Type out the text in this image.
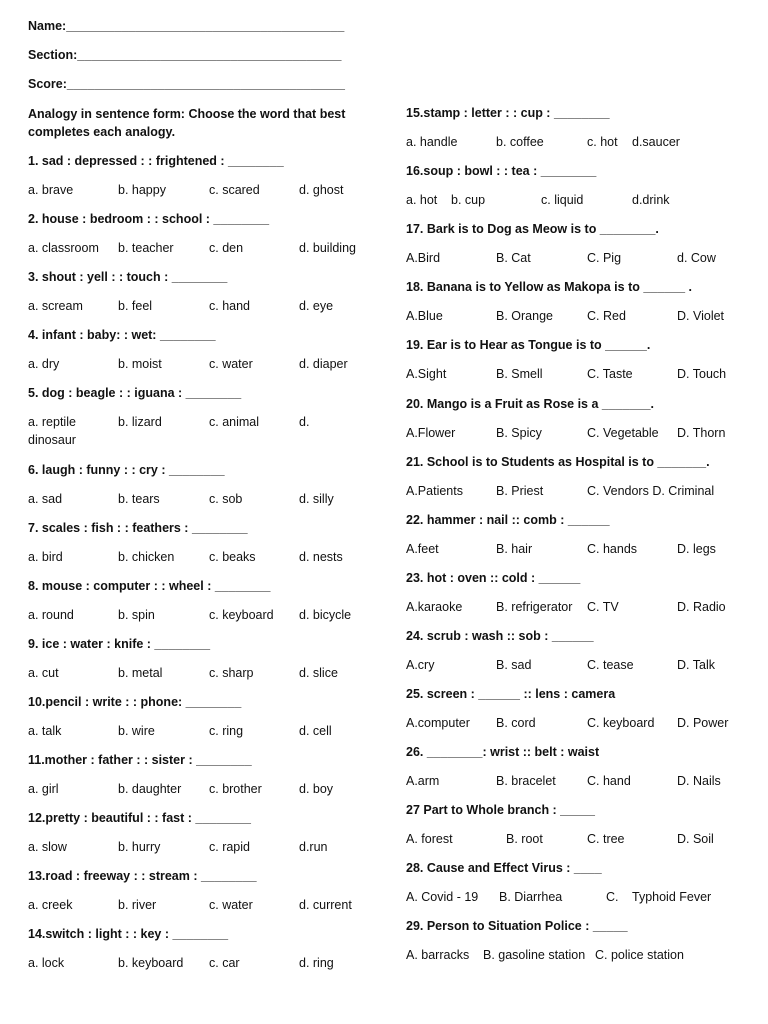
Name:________________________________________
Section:______________________________________
Score:________________________________________
Analogy in sentence form: Choose the word that best
completes each analogy.
1. sad : depressed : : frightened : ________
a. brave	b. happy	c. scared	d. ghost
2. house : bedroom : : school : ________
a. classroom b. teacher	c. den	d. building
3. shout : yell : : touch : ________
a. scream	b. feel	c. hand	d. eye
4. infant : baby: : wet: ________
a. dry	b. moist	c. water	d. diaper
5. dog : beagle : : iguana : ________
a. reptile	b. lizard	c. animal	d.
dinosaur
6. laugh : funny : : cry : ________
a. sad	b. tears	c. sob	d. silly
7. scales : fish : : feathers : ________
a. bird	b. chicken	c. beaks	d. nests
8. mouse : computer : : wheel : ________
a. round	b. spin	c. keyboard d. bicycle
9. ice : water : knife : ________
a. cut	b. metal	c. sharp	d. slice
10.pencil : write : : phone: ________
a. talk	b. wire	c. ring	d. cell
11.mother : father : : sister : ________
a. girl	b. daughter c. brother	d. boy
12.pretty : beautiful : : fast : ________
a. slow	b. hurry	c. rapid	d.run
13.road : freeway : : stream : ________
a. creek	b. river	c. water	d. current
14.switch : light : : key : ________
a. lock	b. keyboard c. car	d. ring
15.stamp : letter : : cup : ________
a. handle	b. coffee	c. hot d.saucer
16.soup : bowl : : tea : ________
a. hot b. cup	c. liquid	d.drink
17. Bark is to Dog as Meow is to ________.
A.Bird	B. Cat	C. Pig	d. Cow
18. Banana is to Yellow as Makopa is to ______ .
A.Blue	B. Orange	C. Red	D. Violet
19. Ear is to Hear as Tongue is to ______.
A.Sight	B. Smell	C. Taste	D. Touch
20. Mango is a Fruit as Rose is a _______.
A.Flower	B. Spicy	C. Vegetable D. Thorn
21. School is to Students as Hospital is to _______.
A.Patients	B. Priest	C. Vendors D. Criminal
22. hammer : nail :: comb : ______
A.feet	B. hair	C. hands	D. legs
23. hot : oven :: cold : ______
A.karaoke	B. refrigerator C. TV	D. Radio
24. scrub : wash :: sob : ______
A.cry	B. sad	C. tease	D. Talk
25. screen : ______ :: lens : camera
A.computer B. cord	C. keyboard D. Power
26. ________: wrist :: belt : waist
A.arm	B. bracelet C. hand	D. Nails
27 Part to Whole branch : _____
A. forest	B. root	C. tree	D. Soil
28. Cause and Effect Virus : ____
A. Covid - 19 B. Diarrhea	C. Typhoid Fever
29. Person to Situation Police : _____
A. barracks B. gasoline station C. police station
